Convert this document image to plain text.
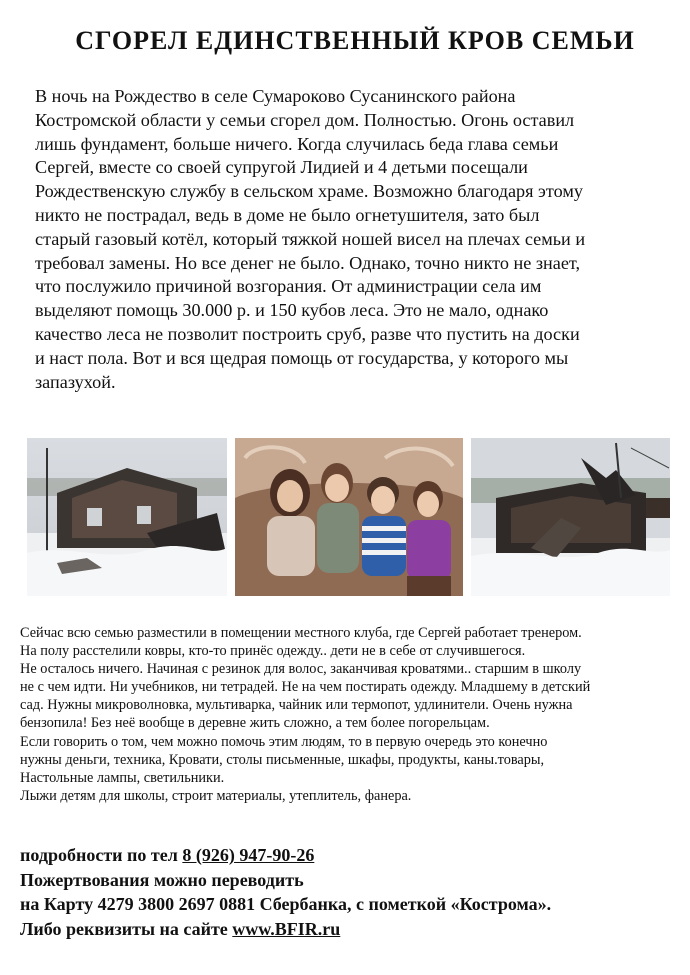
СГОРЕЛ ЕДИНСТВЕННЫЙ КРОВ СЕМЬИ
В ночь на Рождество в селе Сумароково Сусанинского района
Костромской области у семьи сгорел дом. Полностью. Огонь оставил
лишь фундамент, больше ничего. Когда случилась беда глава семьи
Сергей, вместе со своей супругой Лидией и 4 детьми посещали
Рождественскую службу в сельском храме. Возможно благодаря этому
никто не пострадал, ведь в доме не было огнетушителя, зато был
старый газовый котёл, который тяжкой ношей висел на плечах семьи и
требовал замены. Но все денег не было. Однако, точно никто не знает,
что послужило причиной возгорания. От администрации села им
выделяют помощь 30.000 р. и 150 кубов леса. Это не мало, однако
качество леса не позволит построить сруб, разве что пустить на доски
и наст пола. Вот и вся щедрая помощь от государства, у которого мы
запазухой.
Сейчас всю семью разместили в помещении местного клуба, где Сергей работает тренером.
На полу расстелили ковры, кто-то принёс одежду.. дети не в себе от случившегося.
Не осталось ничего. Начиная с резинок для волос, заканчивая кроватями.. старшим в школу
не с чем идти. Ни учебников, ни тетрадей. Не на чем постирать одежду. Младшему в детский
сад. Нужны микроволновка, мультиварка, чайник или термопот, удлинители. Очень нужна
бензопила! Без неё вообще в деревне жить сложно, а тем более погорельцам.
Если говорить о том, чем можно помочь этим людям, то в первую очередь это конечно
нужны деньги, техника, Кровати, столы письменные, шкафы, продукты, каны.товары,
Настольные лампы, светильники.
Лыжи детям для школы, строит материалы, утеплитель, фанера.
подробности по тел 8 (926) 947-90-26
Пожертвования можно переводить
на Карту 4279 3800 2697 0881 Сбербанка, с пометкой «Кострома».
Либо реквизиты на сайте www.BFIR.ru
